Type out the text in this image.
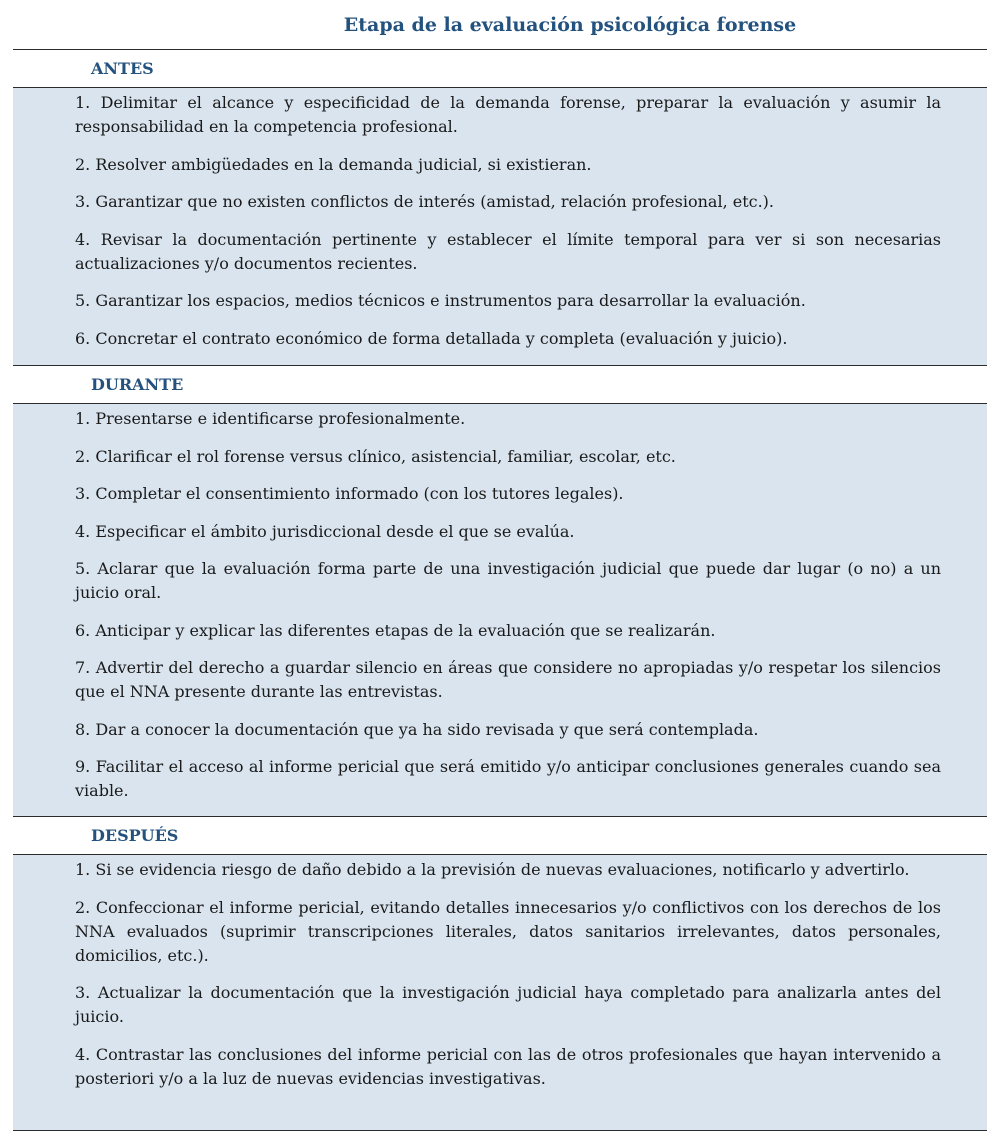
Etapa de la evaluación psicológica forense
ANTES

1. Delimitar el alcance y especificidad de la demanda forense, preparar la evaluación y asumir la responsabilidad en la competencia profesional.

2. Resolver ambigüedades en la demanda judicial, si existieran.

3. Garantizar que no existen conflictos de interés (amistad, relación profesional, etc.).

4. Revisar la documentación pertinente y establecer el límite temporal para ver si son necesarias actualizaciones y/o documentos recientes.

5. Garantizar los espacios, medios técnicos e instrumentos para desarrollar la evaluación.

6. Concretar el contrato económico de forma detallada y completa (evaluación y juicio).

DURANTE

1. Presentarse e identificarse profesionalmente.

2. Clarificar el rol forense versus clínico, asistencial, familiar, escolar, etc.

3. Completar el consentimiento informado (con los tutores legales).

4. Especificar el ámbito jurisdiccional desde el que se evalúa.

5. Aclarar que la evaluación forma parte de una investigación judicial que puede dar lugar (o no) a un juicio oral.

6. Anticipar y explicar las diferentes etapas de la evaluación que se realizarán.

7. Advertir del derecho a guardar silencio en áreas que considere no apropiadas y/o respetar los silencios que el NNA presente durante las entrevistas.

8. Dar a conocer la documentación que ya ha sido revisada y que será contemplada.

9. Facilitar el acceso al informe pericial que será emitido y/o anticipar conclusiones generales cuando sea viable.

DESPUÉS

1. Si se evidencia riesgo de daño debido a la previsión de nuevas evaluaciones, notificarlo y advertirlo.

2. Confeccionar el informe pericial, evitando detalles innecesarios y/o conflictivos con los derechos de los NNA evaluados (suprimir transcripciones literales, datos sanitarios irrelevantes, datos personales, domicilios, etc.).

3. Actualizar la documentación que la investigación judicial haya completado para analizarla antes del juicio.

4. Contrastar las conclusiones del informe pericial con las de otros profesionales que hayan intervenido a posteriori y/o a la luz de nuevas evidencias investigativas.
